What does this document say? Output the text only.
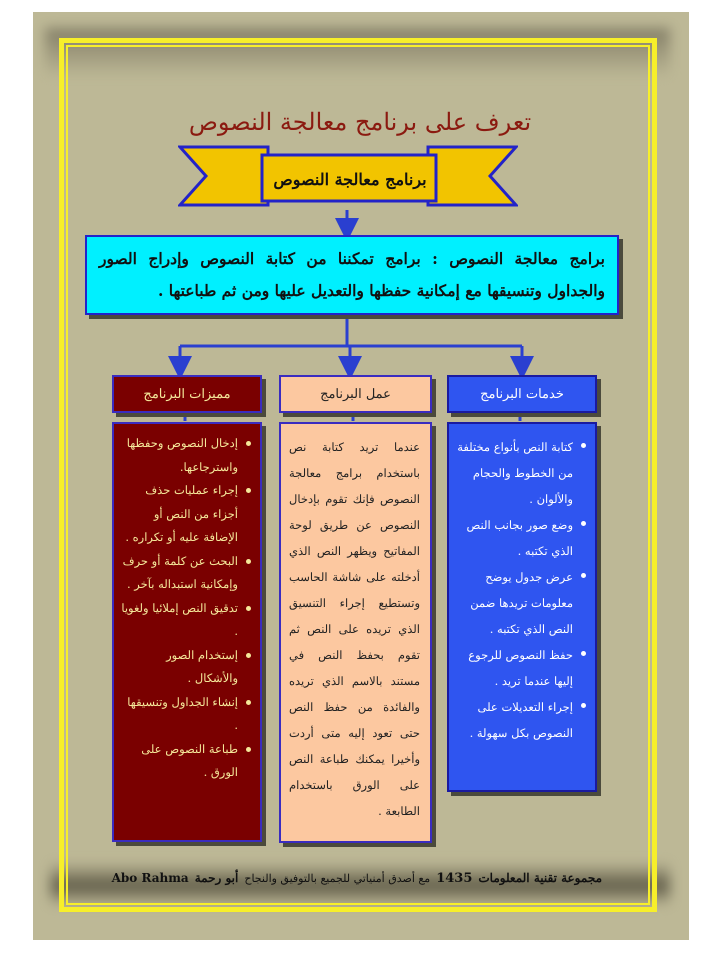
تعرف على برنامج معالجة النصوص
برنامج معالجة النصوص
برامج معالجة النصوص : برامج تمكننا من كتابة النصوص وإدراج الصور والجداول وتنسيقها مع إمكانية حفظها والتعديل عليها ومن ثم طباعتها .
مميزات البرنامج	عمل البرنامج	خدمات البرنامج
إدخال النصوص وحفظها واسترجاعها.
إجراء عمليات حذف أجزاء من النص أو الإضافة عليه أو تكراره .
البحث عن كلمة أو حرف وإمكانية استبداله بآخر .
تدقيق النص إملائيا ولغويا .
إستخدام الصور والأشكال .
إنشاء الجداول وتنسيقها .
طباعة النصوص على الورق .

عندما تريد كتابة نص باستخدام برامج معالجة النصوص فإنك تقوم بإدخال النصوص عن طريق لوحة المفاتيح ويظهر النص الذي أدخلته على شاشة الحاسب وتستطيع إجراء التنسيق الذي تريده على النص ثم تقوم بحفظ النص في مستند بالاسم الذي تريده والفائدة من حفظ النص حتى تعود إليه متى أردت وأخيرا يمكنك طباعة النص على الورق باستخدام الطابعة .

كتابة النص بأنواع مختلفة من الخطوط والحجام والألوان .
وضع صور بجانب النص الذي تكتبه .
عرض جدول يوضح معلومات تريدها ضمن النص الذي تكتبه .
حفظ النصوص للرجوع إليها عندما تريد .
إجراء التعديلات على النصوص بكل سهولة .
مجموعة تقنية المعلومات
1435
مع أصدق أمنياتي للجميع بالتوفيق والنجاح
أبو رحمة
Abo Rahma
